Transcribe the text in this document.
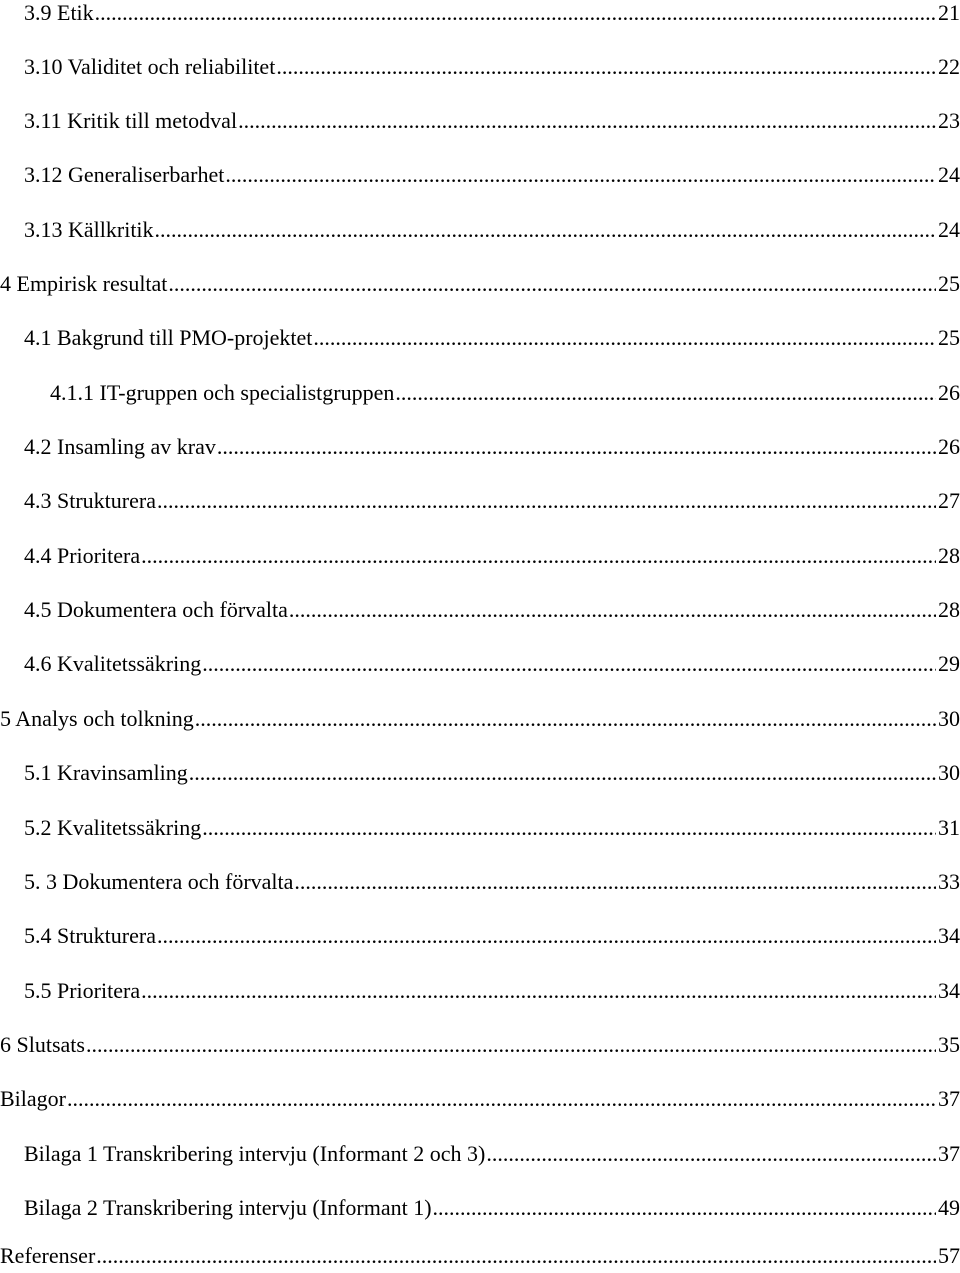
3.9 Etik .....	21
3.10 Validitet och reliabilitet .....	22
3.11 Kritik till metodval .....	23
3.12 Generaliserbarhet .....	24
3.13 Källkritik .....	24
4 Empirisk resultat .....	25
4.1 Bakgrund till PMO-projektet .....	25
4.1.1 IT-gruppen och specialistgruppen .....	26
4.2 Insamling av krav .....	26
4.3 Strukturera .....	27
4.4 Prioritera .....	28
4.5 Dokumentera och förvalta .....	28
4.6 Kvalitetssäkring .....	29
5 Analys och tolkning .....	30
5.1 Kravinsamling .....	30
5.2 Kvalitetssäkring .....	31
5. 3 Dokumentera och förvalta .....	33
5.4 Strukturera .....	34
5.5 Prioritera .....	34
6 Slutsats .....	35
Bilagor .....	37
Bilaga 1 Transkribering intervju (Informant 2 och 3) .....	37
Bilaga 2 Transkribering intervju (Informant 1) .....	49
Referenser .....	57
